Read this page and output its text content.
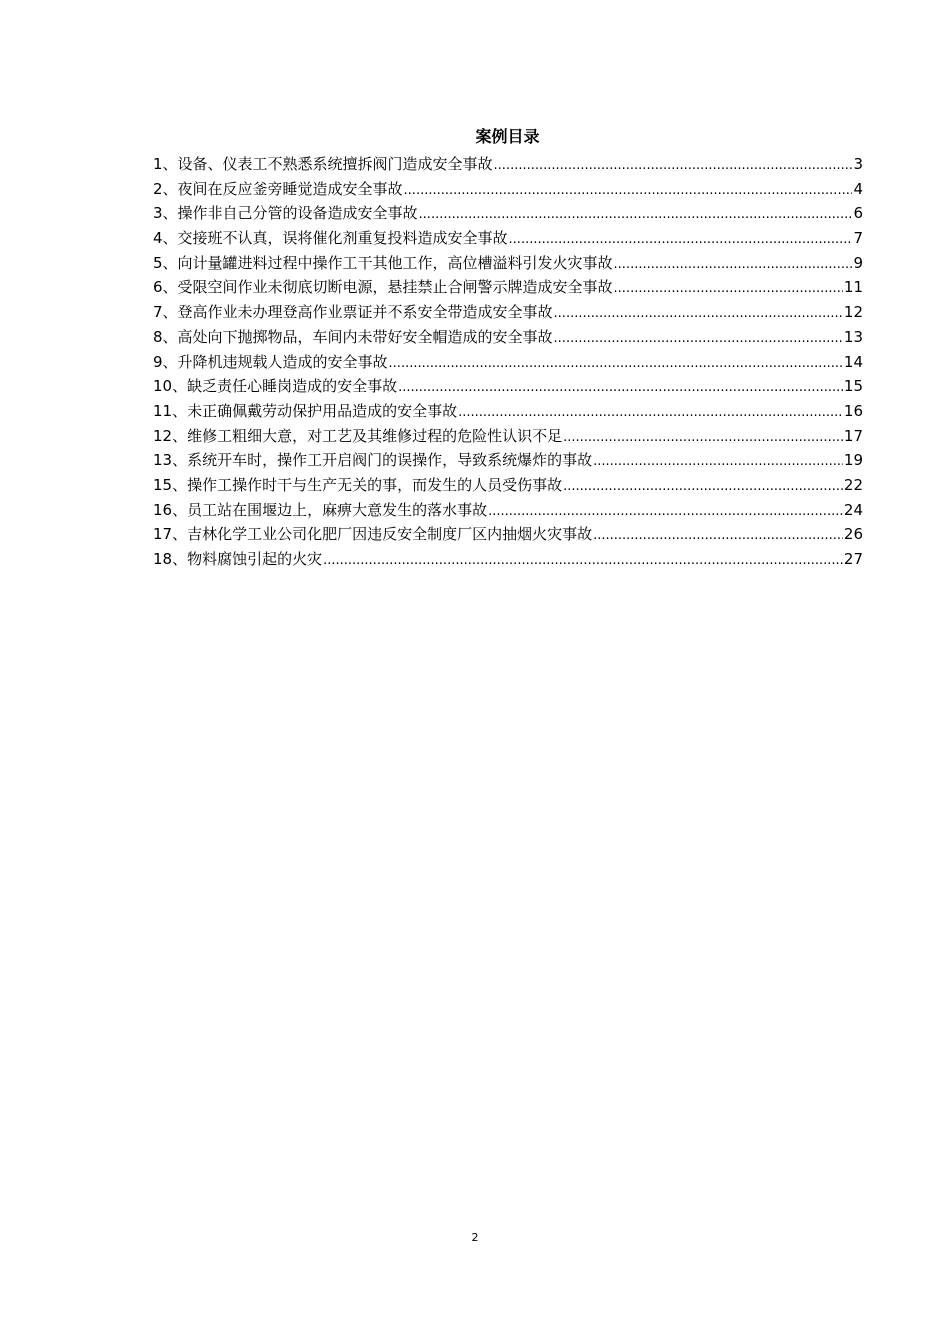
案例目录
1、设备、仪表工不熟悉系统擅拆阀门造成安全事故 .....	3
2、夜间在反应釜旁睡觉造成安全事故 .....	4
3、操作非自己分管的设备造成安全事故 .....	6
4、交接班不认真，误将催化剂重复投料造成安全事故 .....	7
5、向计量罐进料过程中操作工干其他工作，高位槽溢料引发火灾事故 .....	9
6、受限空间作业未彻底切断电源，悬挂禁止合闸警示牌造成安全事故 .....	11
7、登高作业未办理登高作业票证并不系安全带造成安全事故 .....	12
8、高处向下抛掷物品，车间内未带好安全帽造成的安全事故 .....	13
9、升降机违规载人造成的安全事故 .....	14
10、缺乏责任心睡岗造成的安全事故 .....	15
11、未正确佩戴劳动保护用品造成的安全事故 .....	16
12、维修工粗细大意，对工艺及其维修过程的危险性认识不足 .....	17
13、系统开车时，操作工开启阀门的误操作，导致系统爆炸的事故 .....	19
15、操作工操作时干与生产无关的事，而发生的人员受伤事故 .....	22
16、员工站在围堰边上，麻痹大意发生的落水事故 .....	24
17、吉林化学工业公司化肥厂因违反安全制度厂区内抽烟火灾事故 .....	26
18、物料腐蚀引起的火灾 .....	27
2
